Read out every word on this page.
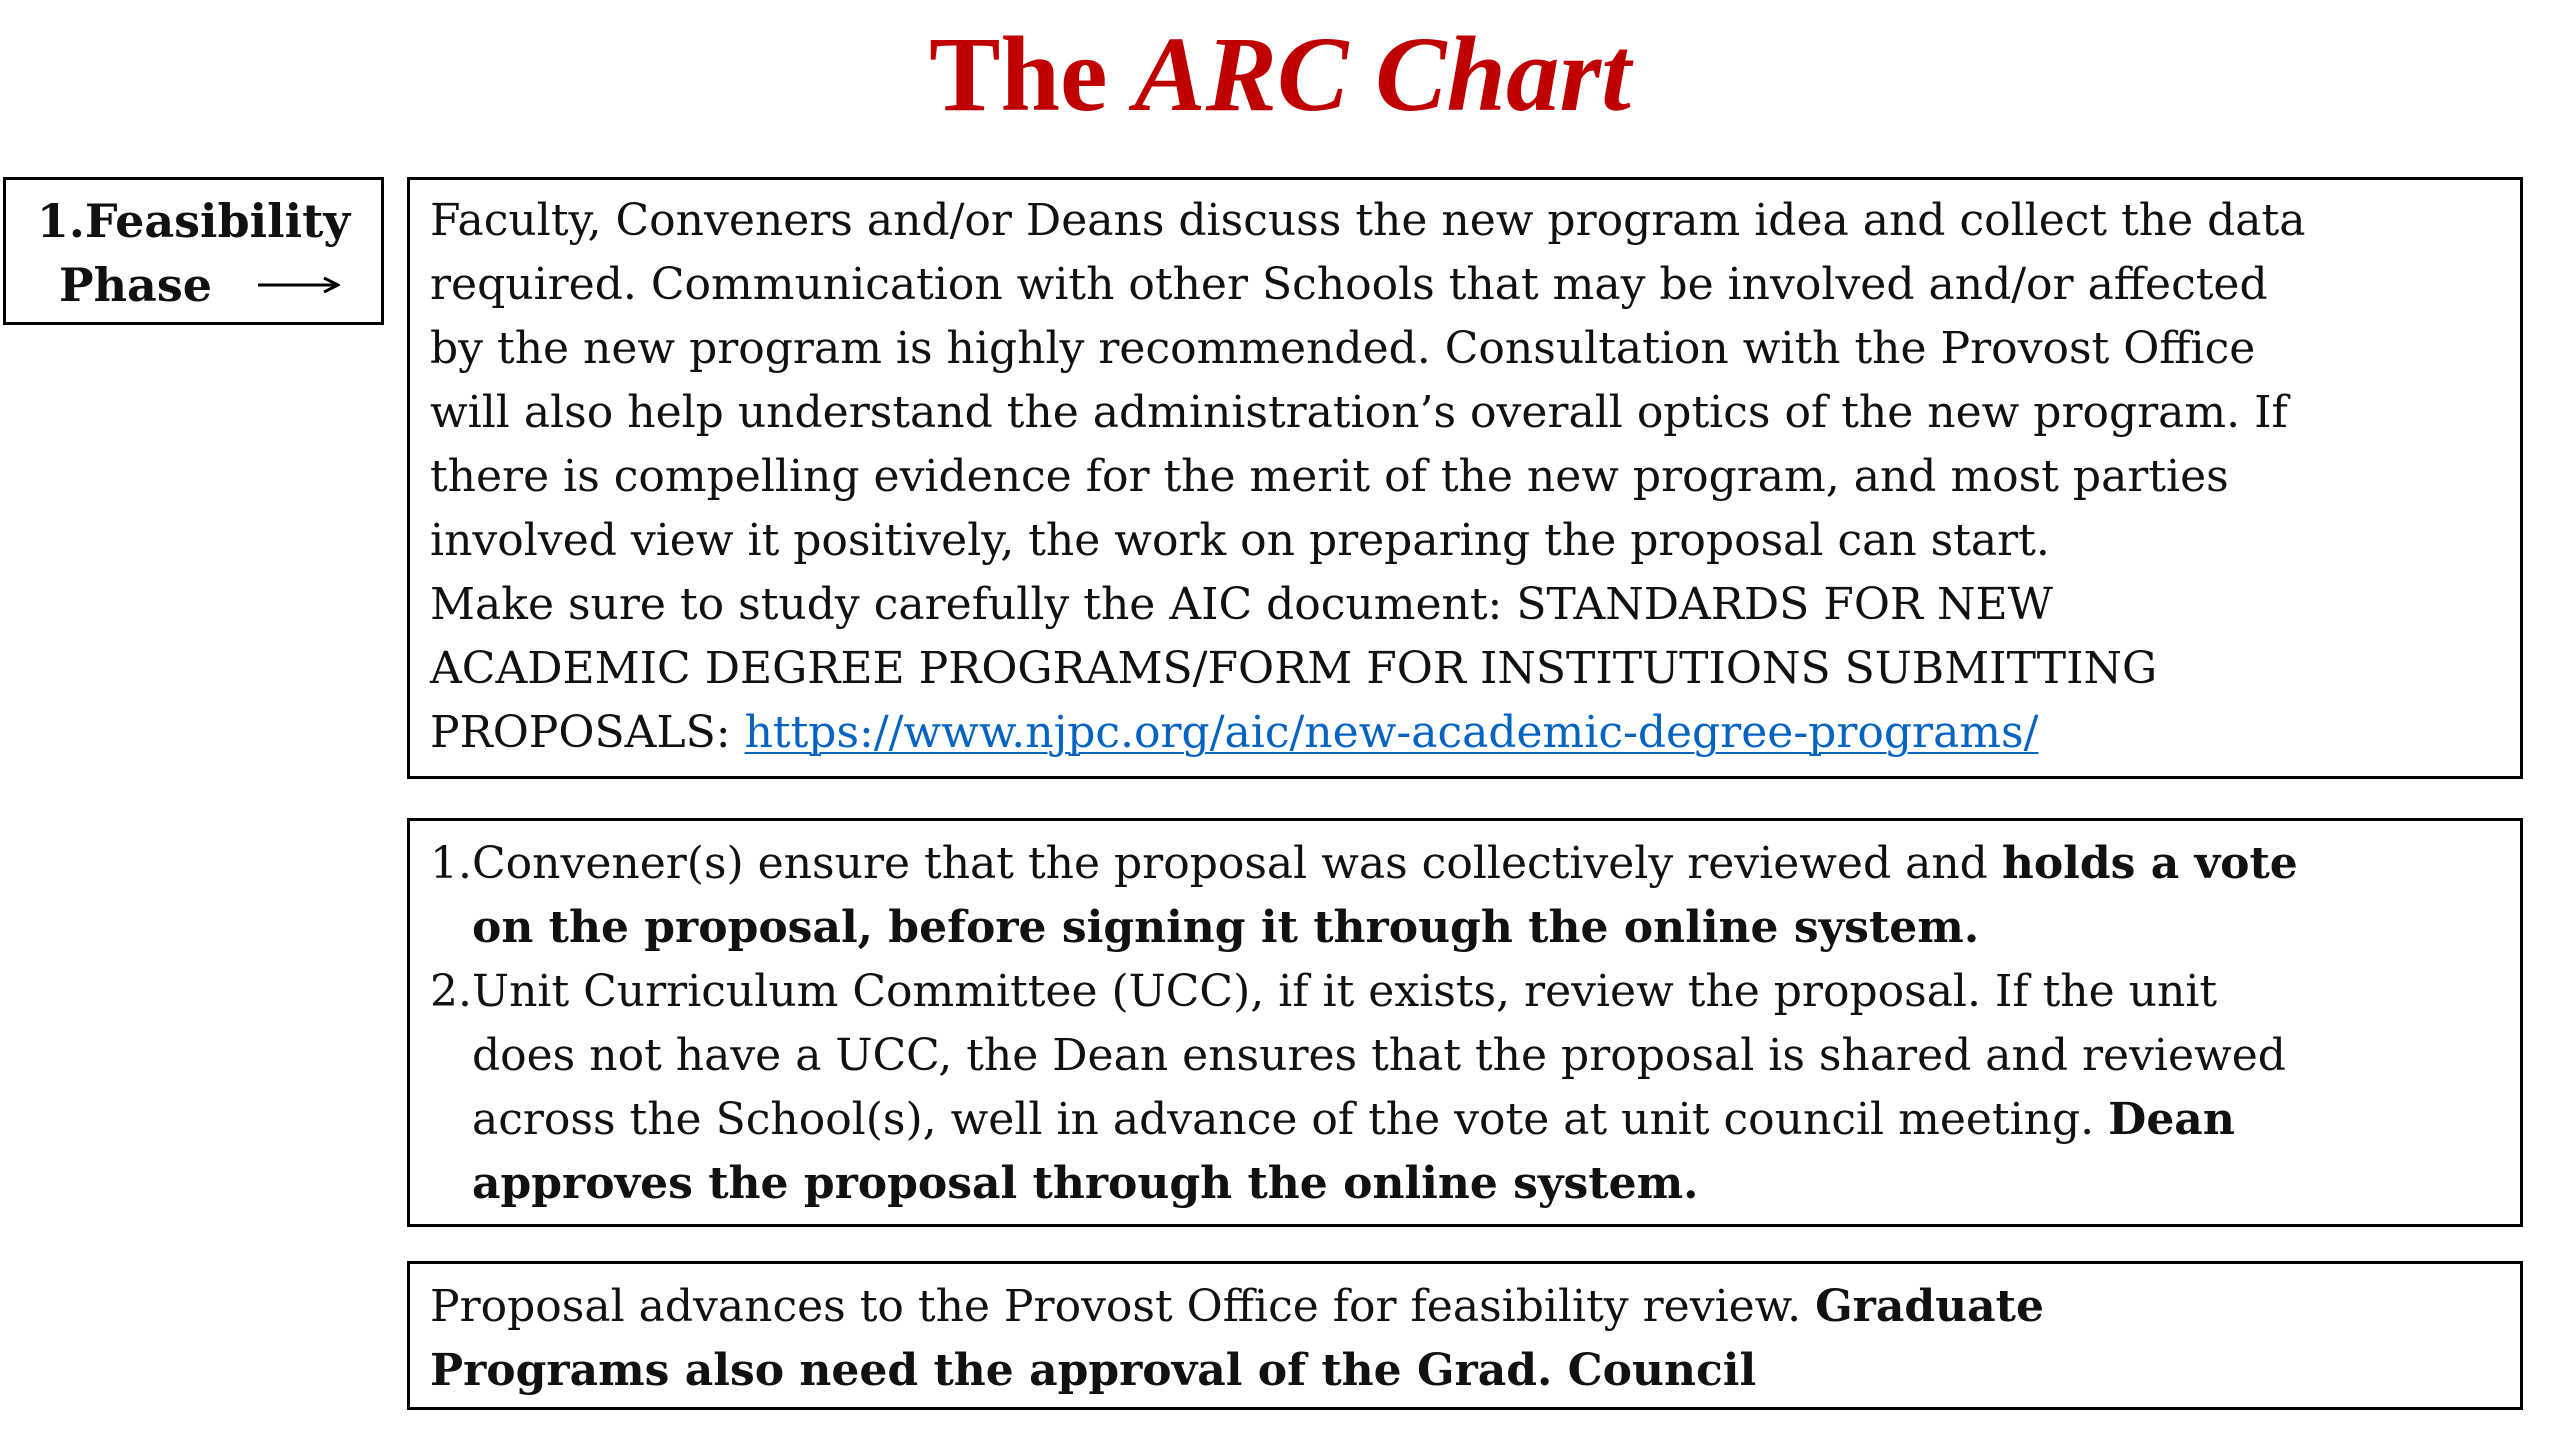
The ARC Chart
1.Feasibility
Phase
Faculty, Conveners and/or Deans discuss the new program idea and collect the data
required. Communication with other Schools that may be involved and/or affected
by the new program is highly recommended. Consultation with the Provost Office
will also help understand the administration’s overall optics of the new program. If
there is compelling evidence for the merit of the new program, and most parties
involved view it positively, the work on preparing the proposal can start.
Make sure to study carefully the AIC document: STANDARDS FOR NEW
ACADEMIC DEGREE PROGRAMS/FORM FOR INSTITUTIONS SUBMITTING
PROPOSALS: https://www.njpc.org/aic/new-academic-degree-programs/
1. Convener(s) ensure that the proposal was collectively reviewed and holds a vote
on the proposal, before signing it through the online system.
2. Unit Curriculum Committee (UCC), if it exists, review the proposal. If the unit
does not have a UCC, the Dean ensures that the proposal is shared and reviewed
across the School(s), well in advance of the vote at unit council meeting. Dean
approves the proposal through the online system.
Proposal advances to the Provost Office for feasibility review. Graduate
Programs also need the approval of the Grad. Council
